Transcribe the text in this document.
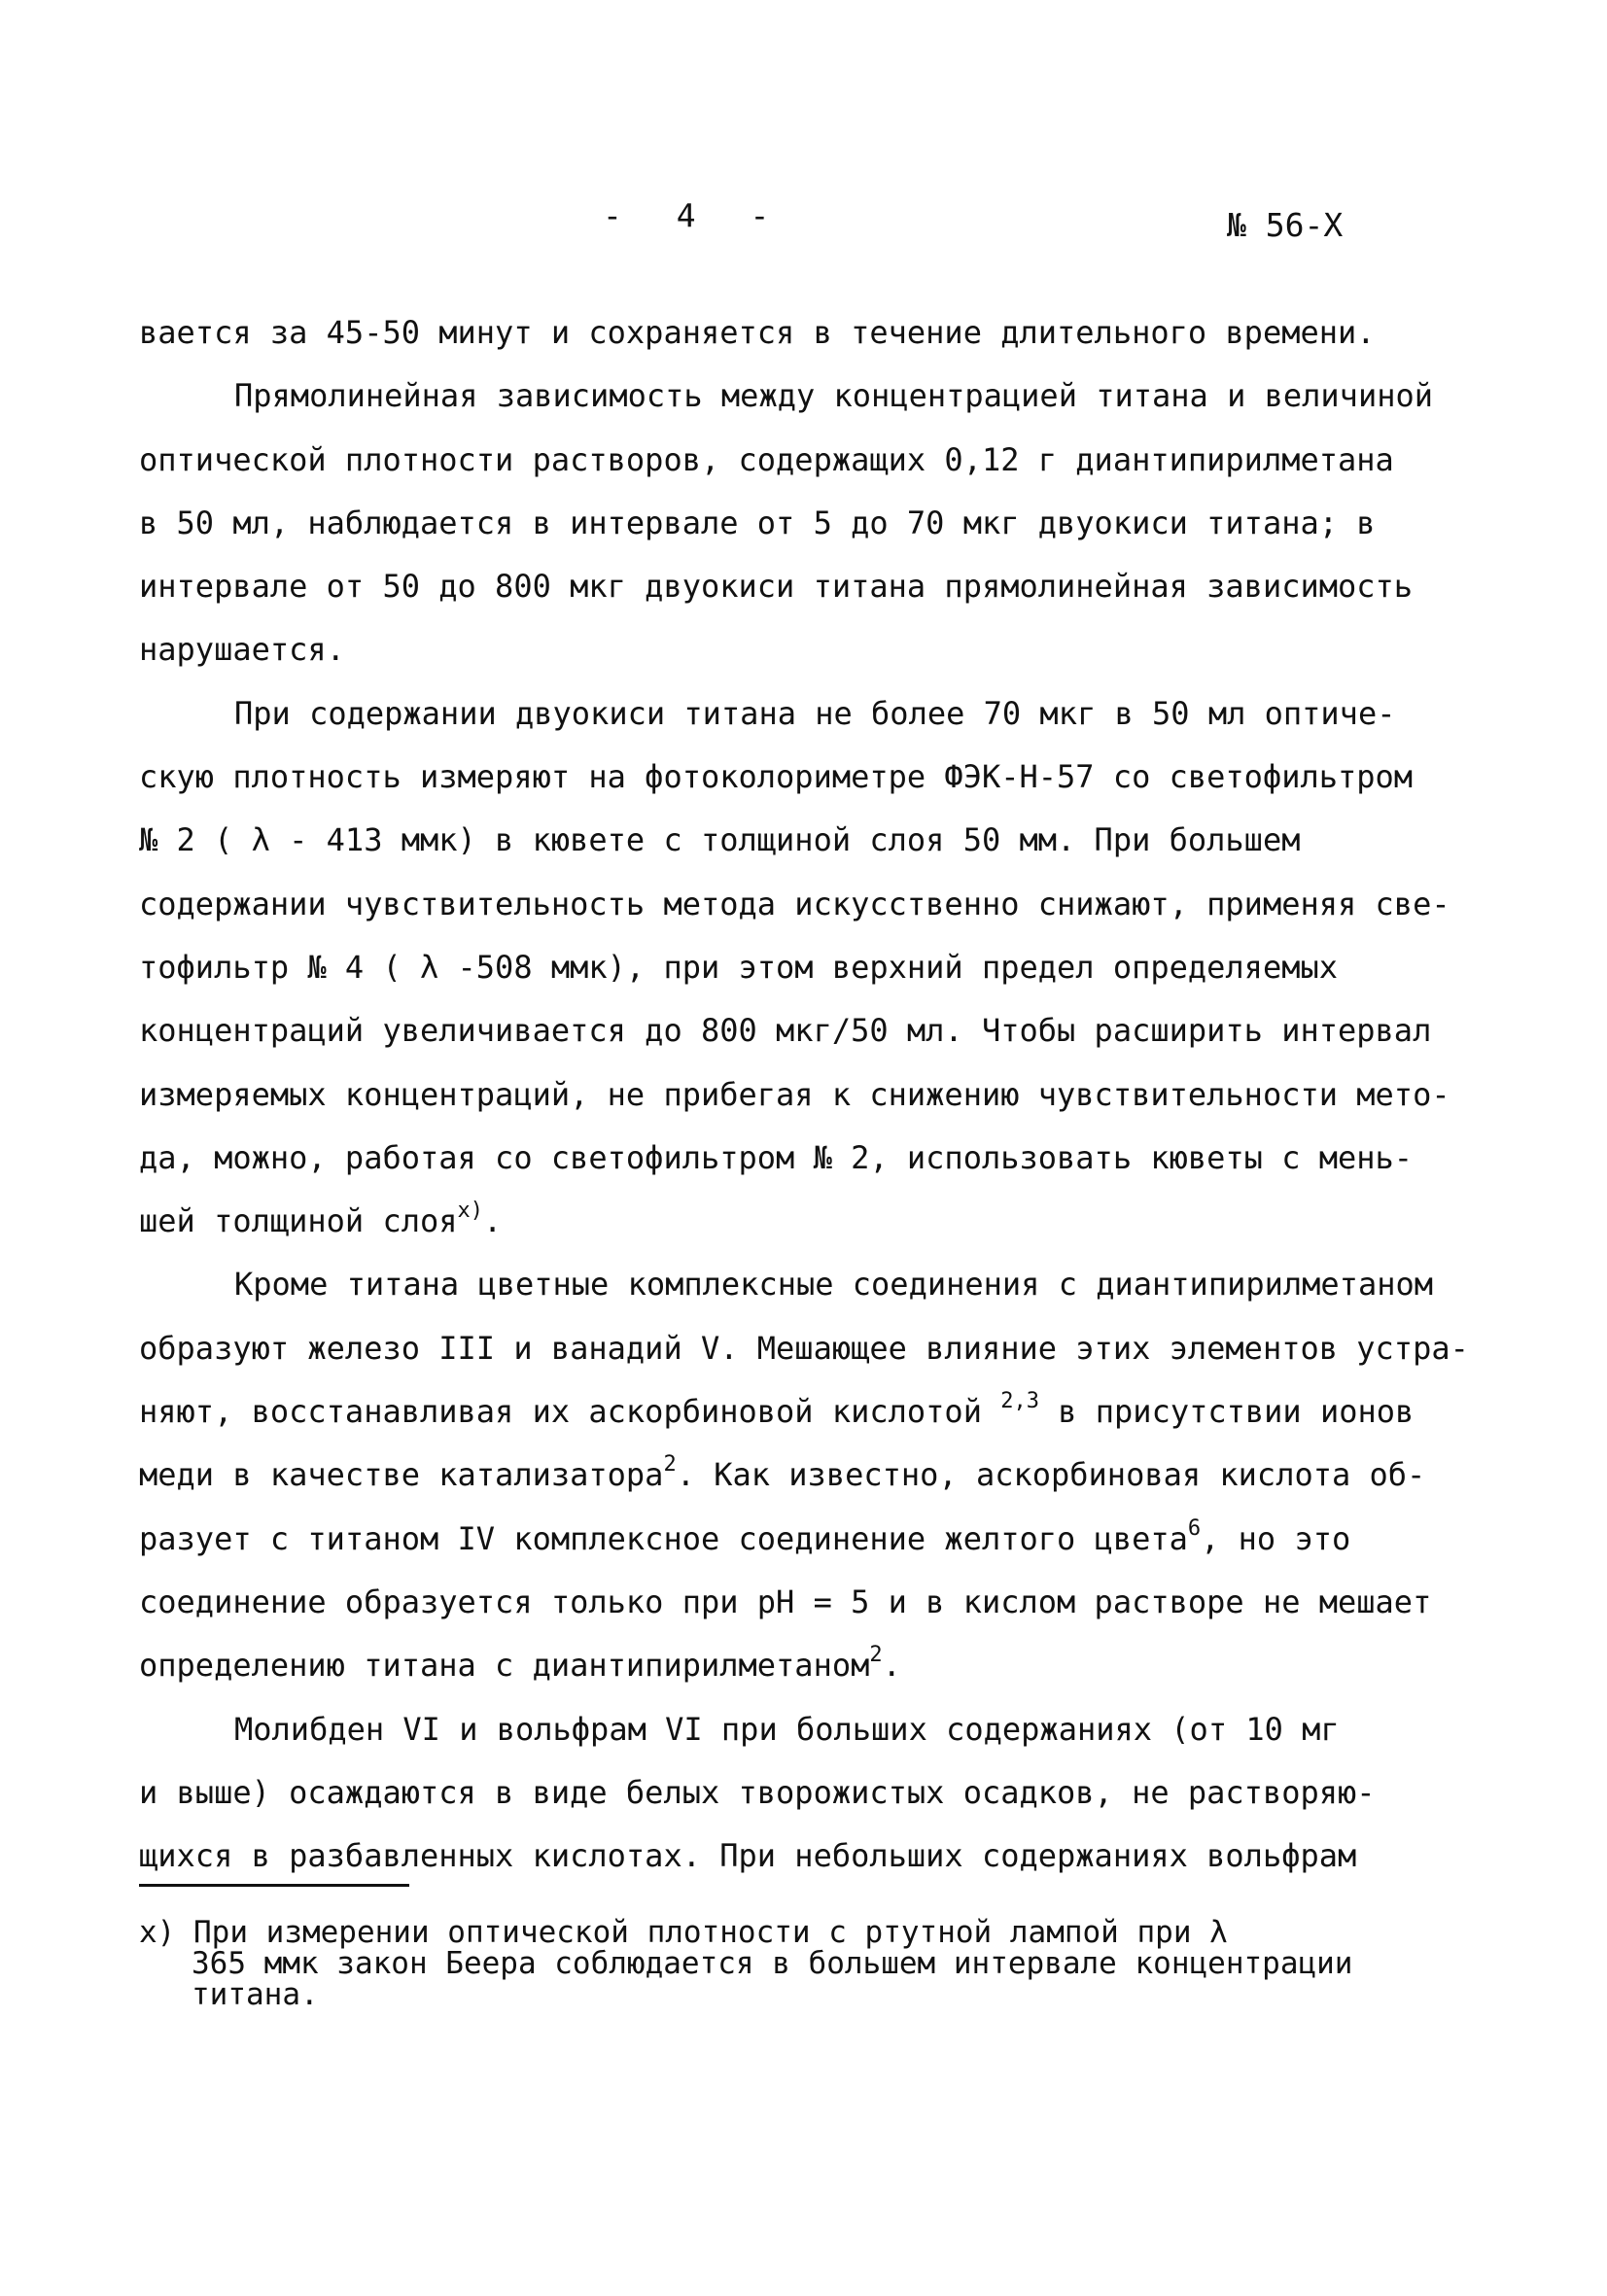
- 4 -	№ 56-Х
вается за 45-50 минут и сохраняется в течение длительного времени.
Прямолинейная зависимость между концентрацией титана и величиной
оптической плотности растворов, содержащих 0,12 г диантипирилметана
в 50 мл, наблюдается в интервале от 5 до 70 мкг двуокиси титана; в
интервале от 50 до 800 мкг двуокиси титана прямолинейная зависимость
нарушается.
При содержании двуокиси титана не более 70 мкг в 50 мл оптиче-
скую плотность измеряют на фотоколориметре ФЭК-Н-57 со светофильтром
№ 2 ( λ - 413 ммк) в кювете с толщиной слоя 50 мм. При большем
содержании чувствительность метода искусственно снижают, применяя све-
тофильтр № 4 ( λ -508 ммк), при этом верхний предел определяемых
концентраций увеличивается до 800 мкг/50 мл. Чтобы расширить интервал
измеряемых концентраций, не прибегая к снижению чувствительности мето-
да, можно, работая со светофильтром № 2, использовать кюветы с мень-
шей толщиной слоя$^{x)}$.
Кроме титана цветные комплексные соединения с диантипирилметаном
образуют железо III и ванадий V. Мешающее влияние этих элементов устра-
няют, восстанавливая их аскорбиновой кислотой $^{2,3}$ в присутствии ионов
меди в качестве катализатора$^2$. Как известно, аскорбиновая кислота об-
разует с титаном IV комплексное соединение желтого цвета$^6$, но это
соединение образуется только при pH = 5 и в кислом растворе не мешает
определению титана с диантипирилметаном$^2$.
Молибден VI и вольфрам VI при больших содержаниях (от 10 мг
и выше) осаждаются в виде белых творожистых осадков, не растворяю-
щихся в разбавленных кислотах. При небольших содержаниях вольфрам
x) При измерении оптической плотности с ртутной лампой при λ
365 ммк закон Беера соблюдается в большем интервале концентрации
титана.
